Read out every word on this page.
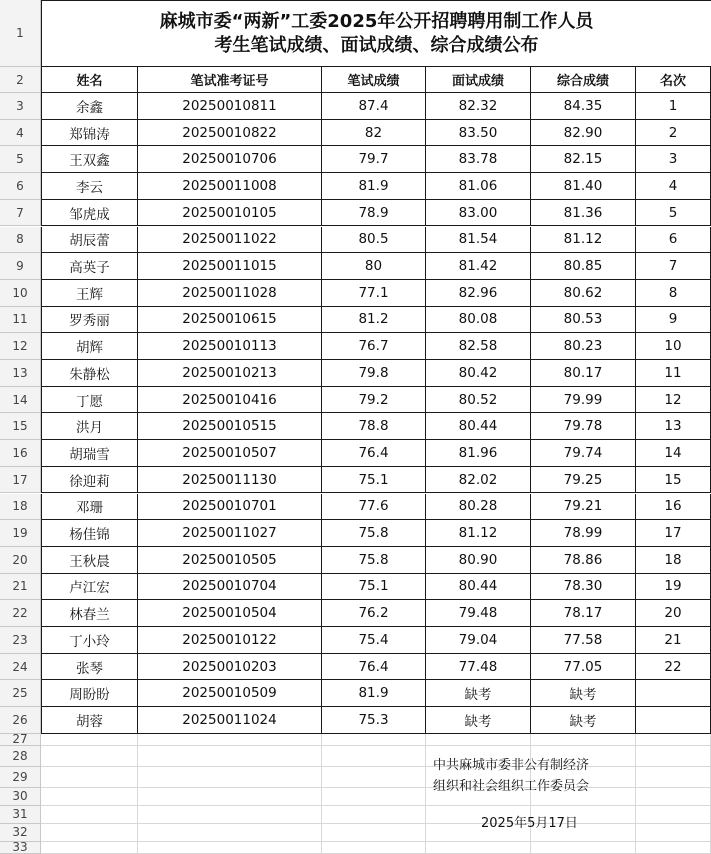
1
2
3
4
5
6
7
8
9
10
11
12
13
14
15
16
17
18
19
20
21
22
23
24
25
26
27
28
29
30
31
32
33
麻城市委“两新”工委2025年公开招聘聘用制工作人员
考生笔试成绩、面试成绩、综合成绩公布
姓名	笔试准考证号	笔试成绩	面试成绩	综合成绩	名次
余鑫	20250010811	87.4	82.32	84.35	1
郑锦涛	20250010822	82	83.50	82.90	2
王双鑫	20250010706	79.7	83.78	82.15	3
李云	20250011008	81.9	81.06	81.40	4
邹虎成	20250010105	78.9	83.00	81.36	5
胡辰蕾	20250011022	80.5	81.54	81.12	6
高英子	20250011015	80	81.42	80.85	7
王辉	20250011028	77.1	82.96	80.62	8
罗秀丽	20250010615	81.2	80.08	80.53	9
胡辉	20250010113	76.7	82.58	80.23	10
朱静松	20250010213	79.8	80.42	80.17	11
丁愿	20250010416	79.2	80.52	79.99	12
洪月	20250010515	78.8	80.44	79.78	13
胡瑞雪	20250010507	76.4	81.96	79.74	14
徐迎莉	20250011130	75.1	82.02	79.25	15
邓珊	20250010701	77.6	80.28	79.21	16
杨佳锦	20250011027	75.8	81.12	78.99	17
王秋晨	20250010505	75.8	80.90	78.86	18
卢江宏	20250010704	75.1	80.44	78.30	19
林春兰	20250010504	76.2	79.48	78.17	20
丁小玲	20250010122	75.4	79.04	77.58	21
张琴	20250010203	76.4	77.48	77.05	22
周盼盼	20250010509	81.9	缺考	缺考
胡蓉	20250011024	75.3	缺考	缺考
中共麻城市委非公有制经济
组织和社会组织工作委员会
2025年5月17日
